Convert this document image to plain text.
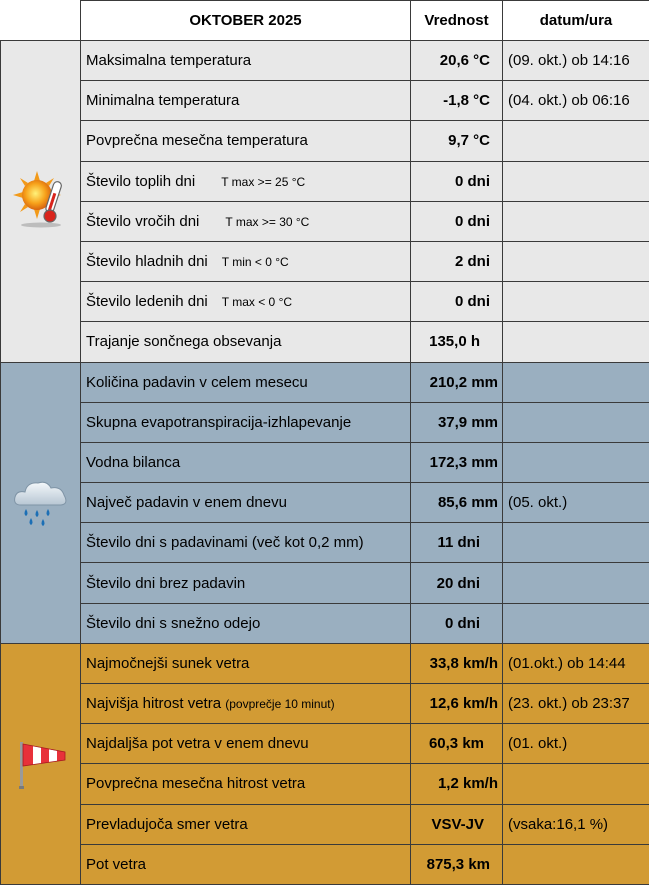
	OKTOBER 2025	Vrednost	datum/ura
	Maksimalna temperatura	20,6 °C	(09. okt.) ob 14:16
	Minimalna temperatura	-1,8 °C	(04. okt.) ob 06:16
	Povprečna mesečna temperatura	9,7 °C	
	Število toplih dni T max >= 25 °C	0 dni	
	Število vročih dni T max >= 30 °C	0 dni	
	Število hladnih dni T min < 0 °C	2 dni	
	Število ledenih dni T max < 0 °C	0 dni	
	Trajanje sončnega obsevanja	135,0 h	
	Količina padavin v celem mesecu	210,2 mm	
	Skupna evapotranspiracija-izhlapevanje	37,9 mm	
	Vodna bilanca	172,3 mm	
	Največ padavin v enem dnevu	85,6 mm	(05. okt.)
	Število dni s padavinami (več kot 0,2 mm)	11 dni	
	Število dni brez padavin	20 dni	
	Število dni s snežno odejo	0 dni	
	Najmočnejši sunek vetra	33,8 km/h	(01.okt.) ob 14:44
	Najvišja hitrost vetra (povprečje 10 minut)	12,6 km/h	(23. okt.) ob 23:37
	Najdaljša pot vetra v enem dnevu	60,3 km	(01. okt.)
	Povprečna mesečna hitrost vetra	1,2 km/h	
	Prevladujoča smer vetra	VSV-JV	(vsaka:16,1 %)
	Pot vetra	875,3 km	
